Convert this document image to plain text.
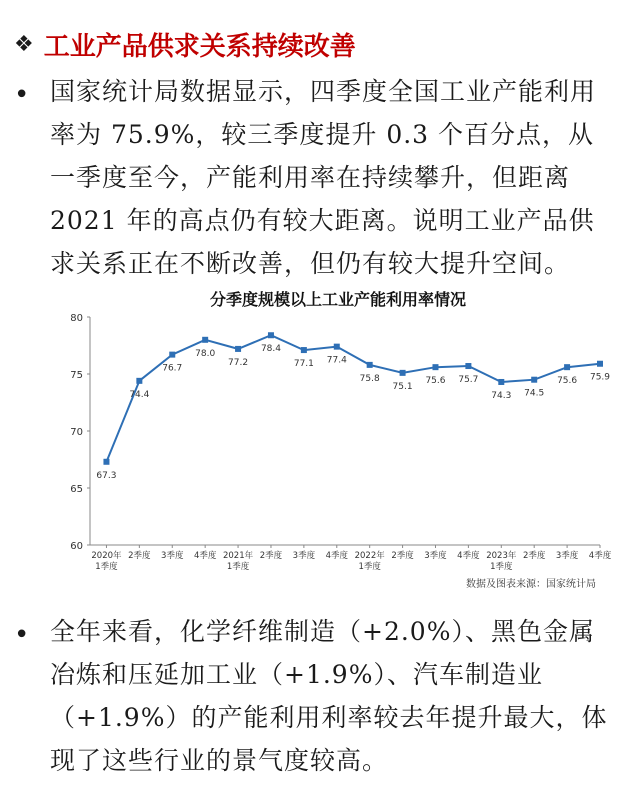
❖ 工业产品供求关系持续改善
• 国家统计局数据显示，四季度全国工业产能利用率为 75.9%，较三季度提升 0.3 个百分点，从一季度至今，产能利用率在持续攀升，但距离 2021 年的高点仍有较大距离。说明工业产品供求关系正在不断改善，但仍有较大提升空间。
分季度规模以上工业产能利用率情况
60
65
70
75
80
2020年
1季度
2季度 3季度 4季度 2021年
1季度
2季度 3季度 4季度 2022年
1季度
2季度 3季度 4季度 2023年
1季度
2季度 3季度 4季度
67.3
74.4
76.7
78.0
77.2
78.4
77.1 77.4
75.8
75.1
75.6 75.7
74.3 74.5
75.6 75.9
数据及图表来源：国家统计局
• 全年来看，化学纤维制造（+2.0%）、黑色金属冶炼和压延加工业（+1.9%）、汽车制造业（+1.9%）的产能利用利率较去年提升最大，体现了这些行业的景气度较高。
